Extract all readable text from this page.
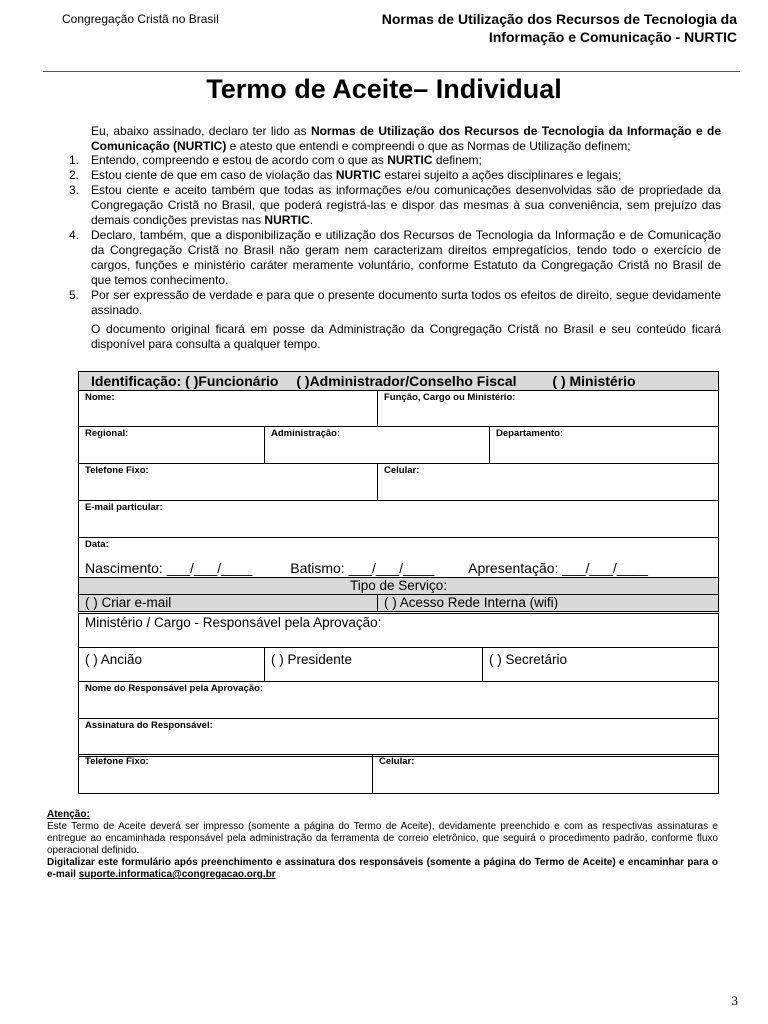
Congregação Cristã no Brasil	Normas de Utilização dos Recursos de Tecnologia da
Informação e Comunicação - NURTIC
Termo de Aceite– Individual
Eu, abaixo assinado, declaro ter lido as Normas de Utilização dos Recursos de Tecnologia da Informação e de Comunicação (NURTIC) e atesto que entendi e compreendi o que as Normas de Utilização definem;
1. Entendo, compreendo e estou de acordo com o que as NURTIC definem;
2. Estou ciente de que em caso de violação das NURTIC estarei sujeito a ações disciplinares e legais;
3. Estou ciente e aceito também que todas as informações e/ou comunicações desenvolvidas são de propriedade da Congregação Cristã no Brasil, que poderá registrá-las e dispor das mesmas à sua conveniência, sem prejuízo das demais condições previstas nas NURTIC.
4. Declaro, também, que a disponibilização e utilização dos Recursos de Tecnologia da Informação e de Comunicação da Congregação Cristã no Brasil não geram nem caracterizam direitos empregatícios, tendo todo o exercício de cargos, funções e ministério caráter meramente voluntário, conforme Estatuto da Congregação Cristã no Brasil de que temos conhecimento.
5. Por ser expressão de verdade e para que o presente documento surta todos os efeitos de direito, segue devidamente assinado.
O documento original ficará em posse da Administração da Congregação Cristã no Brasil e seu conteúdo ficará disponível para consulta a qualquer tempo.
Identificação: ( )Funcionário ( )Administrador/Conselho Fiscal ( ) Ministério			
Nome:		Função, Cargo ou Ministério:	
Regional:	Administração:		Departamento:
Telefone Fixo:		Celular:	
E-mail particular:			

Data:
Nascimento: ___/___/____ Batismo: ___/___/____ Apresentação: ___/___/____			

Tipo de Serviço:			
( ) Criar e-mail		( ) Acesso Rede Interna (wifi)	
Ministério / Cargo - Responsável pela Aprovação:
( ) Ancião	( ) Presidente	( ) Secretário
Nome do Responsável pela Aprovação:
Assinatura do Responsável:
Telefone Fixo:	Celular:
Atenção:
Este Termo de Aceite deverá ser impresso (somente a página do Termo de Aceite), devidamente preenchido e com as respectivas assinaturas e entregue ao encaminhada responsável pela administração da ferramenta de correio eletrônico, que seguirá o procedimento padrão, conforme fluxo operacional definido.
Digitalizar este formulário após preenchimento e assinatura dos responsáveis (somente a página do Termo de Aceite) e encaminhar para o e-mail suporte.informatica@congregacao.org.br
3
